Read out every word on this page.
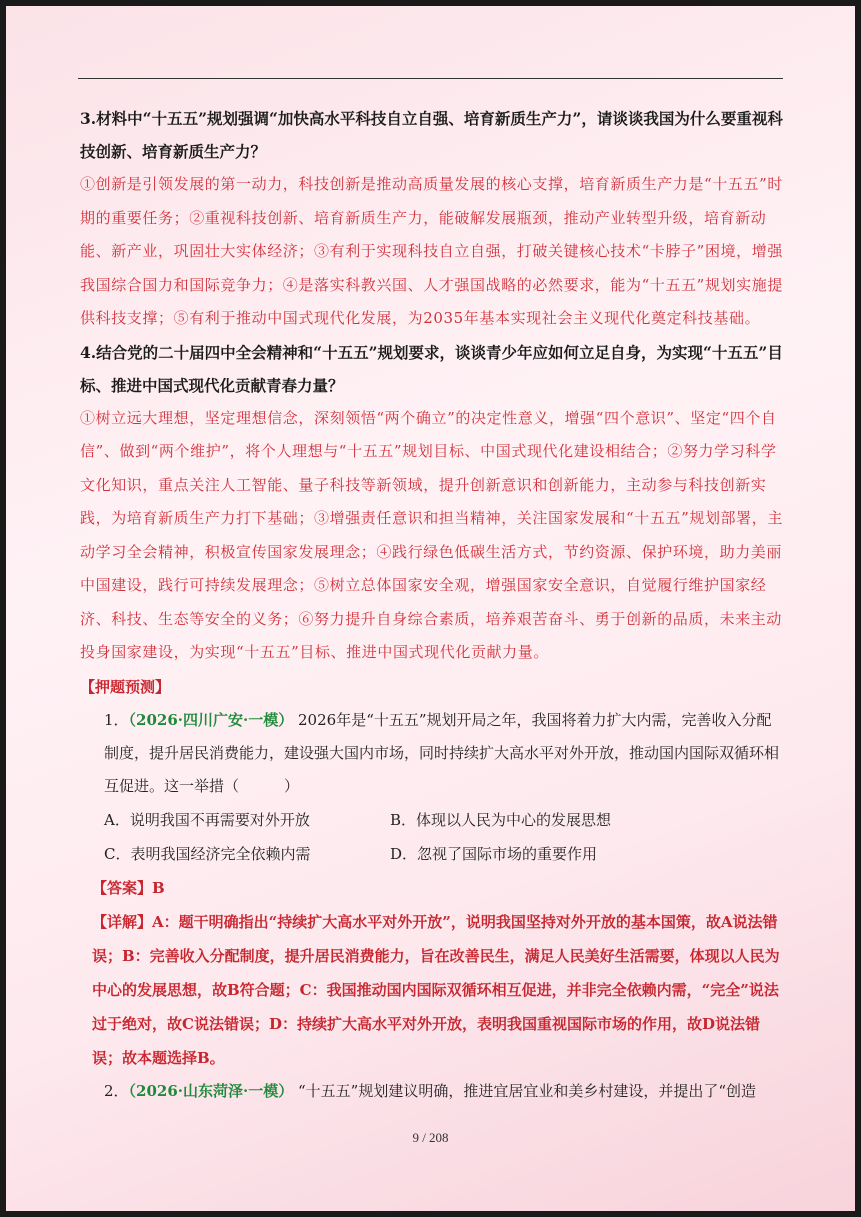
3.材料中“十五五”规划强调“加快高水平科技自立自强、培育新质生产力”，请谈谈我国为什么要重视科技创新、培育新质生产力？

①创新是引领发展的第一动力，科技创新是推动高质量发展的核心支撑，培育新质生产力是“十五五”时期的重要任务；②重视科技创新、培育新质生产力，能破解发展瓶颈，推动产业转型升级，培育新动能、新产业，巩固壮大实体经济；③有利于实现科技自立自强，打破关键核心技术“卡脖子”困境，增强我国综合国力和国际竞争力；④是落实科教兴国、人才强国战略的必然要求，能为“十五五”规划实施提供科技支撑；⑤有利于推动中国式现代化发展，为2035年基本实现社会主义现代化奠定科技基础。

4.结合党的二十届四中全会精神和“十五五”规划要求，谈谈青少年应如何立足自身，为实现“十五五”目标、推进中国式现代化贡献青春力量？

①树立远大理想，坚定理想信念，深刻领悟“两个确立”的决定性意义，增强“四个意识”、坚定“四个自信”、做到“两个维护”，将个人理想与“十五五”规划目标、中国式现代化建设相结合；②努力学习科学文化知识，重点关注人工智能、量子科技等新领域，提升创新意识和创新能力，主动参与科技创新实践，为培育新质生产力打下基础；③增强责任意识和担当精神，关注国家发展和“十五五”规划部署，主动学习全会精神，积极宣传国家发展理念；④践行绿色低碳生活方式，节约资源、保护环境，助力美丽中国建设，践行可持续发展理念；⑤树立总体国家安全观，增强国家安全意识，自觉履行维护国家经济、科技、生态等安全的义务；⑥努力提升自身综合素质，培养艰苦奋斗、勇于创新的品质，未来主动投身国家建设，为实现“十五五”目标、推进中国式现代化贡献力量。

【押题预测】

1．（2026·四川广安·一模） 2026年是“十五五”规划开局之年，我国将着力扩大内需，完善收入分配制度，提升居民消费能力，建设强大国内市场，同时持续扩大高水平对外开放，推动国内国际双循环相互促进。这一举措（　　　）

A．说明我国不再需要对外开放	B．体现以人民为中心的发展思想
C．表明我国经济完全依赖内需	D．忽视了国际市场的重要作用

【答案】B

【详解】A：题干明确指出“持续扩大高水平对外开放”，说明我国坚持对外开放的基本国策，故A说法错误；B：完善收入分配制度，提升居民消费能力，旨在改善民生，满足人民美好生活需要，体现以人民为中心的发展思想，故B符合题；C：我国推动国内国际双循环相互促进，并非完全依赖内需，“完全”说法过于绝对，故C说法错误；D：持续扩大高水平对外开放，表明我国重视国际市场的作用，故D说法错误；故本题选择B。

2．（2026·山东菏泽·一模） “十五五”规划建议明确，推进宜居宜业和美乡村建设，并提出了“创造

9 / 208
